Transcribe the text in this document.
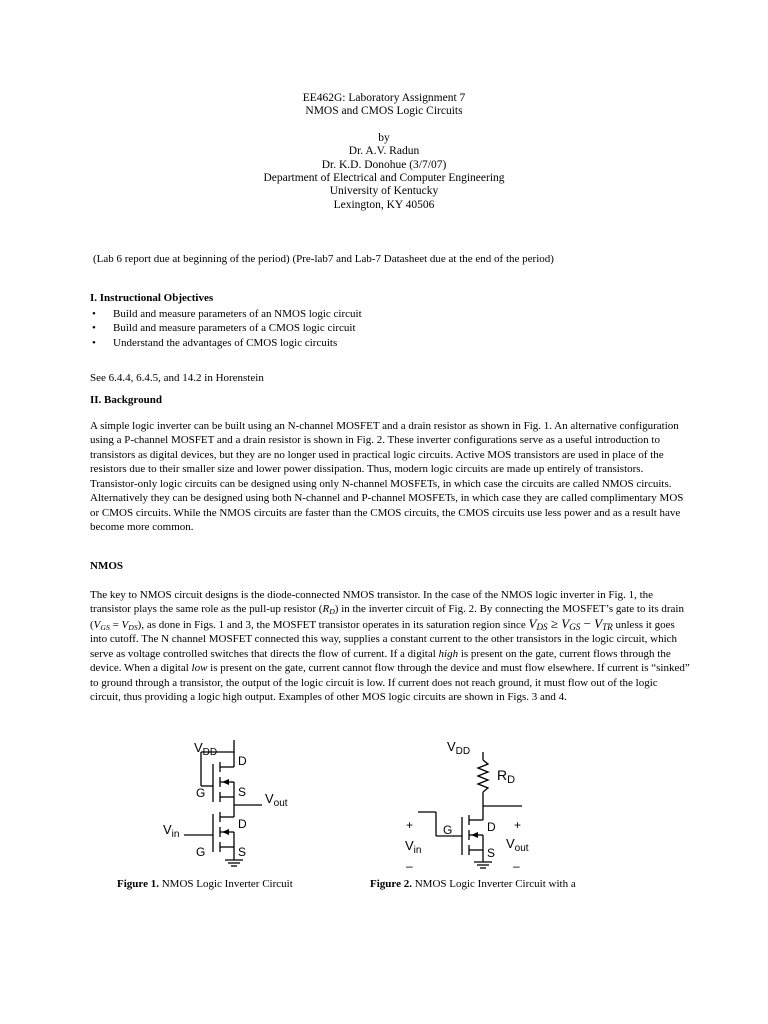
EE462G: Laboratory Assignment 7
NMOS and CMOS Logic Circuits
by
Dr. A.V. Radun
Dr. K.D. Donohue (3/7/07)
Department of Electrical and Computer Engineering
University of Kentucky
Lexington, KY 40506
(Lab 6 report due at beginning of the period) (Pre-lab7 and Lab-7 Datasheet due at the end of the period)
I. Instructional Objectives
• Build and measure parameters of an NMOS logic circuit
• Build and measure parameters of a CMOS logic circuit
• Understand the advantages of CMOS logic circuits
See 6.4.4, 6.4.5, and 14.2 in Horenstein
II. Background
A simple logic inverter can be built using an N-channel MOSFET and a drain resistor as shown in Fig. 1. An alternative configuration using a P-channel MOSFET and a drain resistor is shown in Fig. 2. These inverter configurations serve as a useful introduction to transistors as digital devices, but they are no longer used in practical logic circuits. Active MOS transistors are used in place of the resistors due to their smaller size and lower power dissipation. Thus, modern logic circuits are made up entirely of transistors. Transistor-only logic circuits can be designed using only N-channel MOSFETs, in which case the circuits are called NMOS circuits. Alternatively they can be designed using both N-channel and P-channel MOSFETs, in which case they are called complimentary MOS or CMOS circuits. While the NMOS circuits are faster than the CMOS circuits, the CMOS circuits use less power and as a result have become more common.
NMOS
The key to NMOS circuit designs is the diode-connected NMOS transistor. In the case of the NMOS logic inverter in Fig. 1, the transistor plays the same role as the pull-up resistor $(R_D)$ in the inverter circuit of Fig. 2. By connecting the MOSFET’s gate to its drain $(V_{GS} = V_{DS})$, as done in Figs. 1 and 3, the MOSFET transistor operates in its saturation region since $V_{DS} \ge V_{GS} - V_{TR}$ unless it goes into cutoff. The N channel MOSFET connected this way, supplies a constant current to the other transistors in the logic circuit, which serve as voltage controlled switches that directs the flow of current. If a digital high is present on the gate, current flows through the device. When a digital low is present on the gate, current cannot flow through the device and must flow elsewhere. If current is “sinked” to ground through a transistor, the output of the logic circuit is low. If current does not reach ground, it must flow out of the logic circuit, thus providing a logic high output. Examples of other MOS logic circuits are shown in Figs. 3 and 4.
$V_{DD}$
D
G	S $V_{out}$
D
$V_{in}$
G	S
$V_{DD}$
$R_D$
+	+
G	D
S
$V_{in}$	$V_{out}$
–	–
Figure 1. NMOS Logic Inverter Circuit	Figure 2. NMOS Logic Inverter Circuit with a
